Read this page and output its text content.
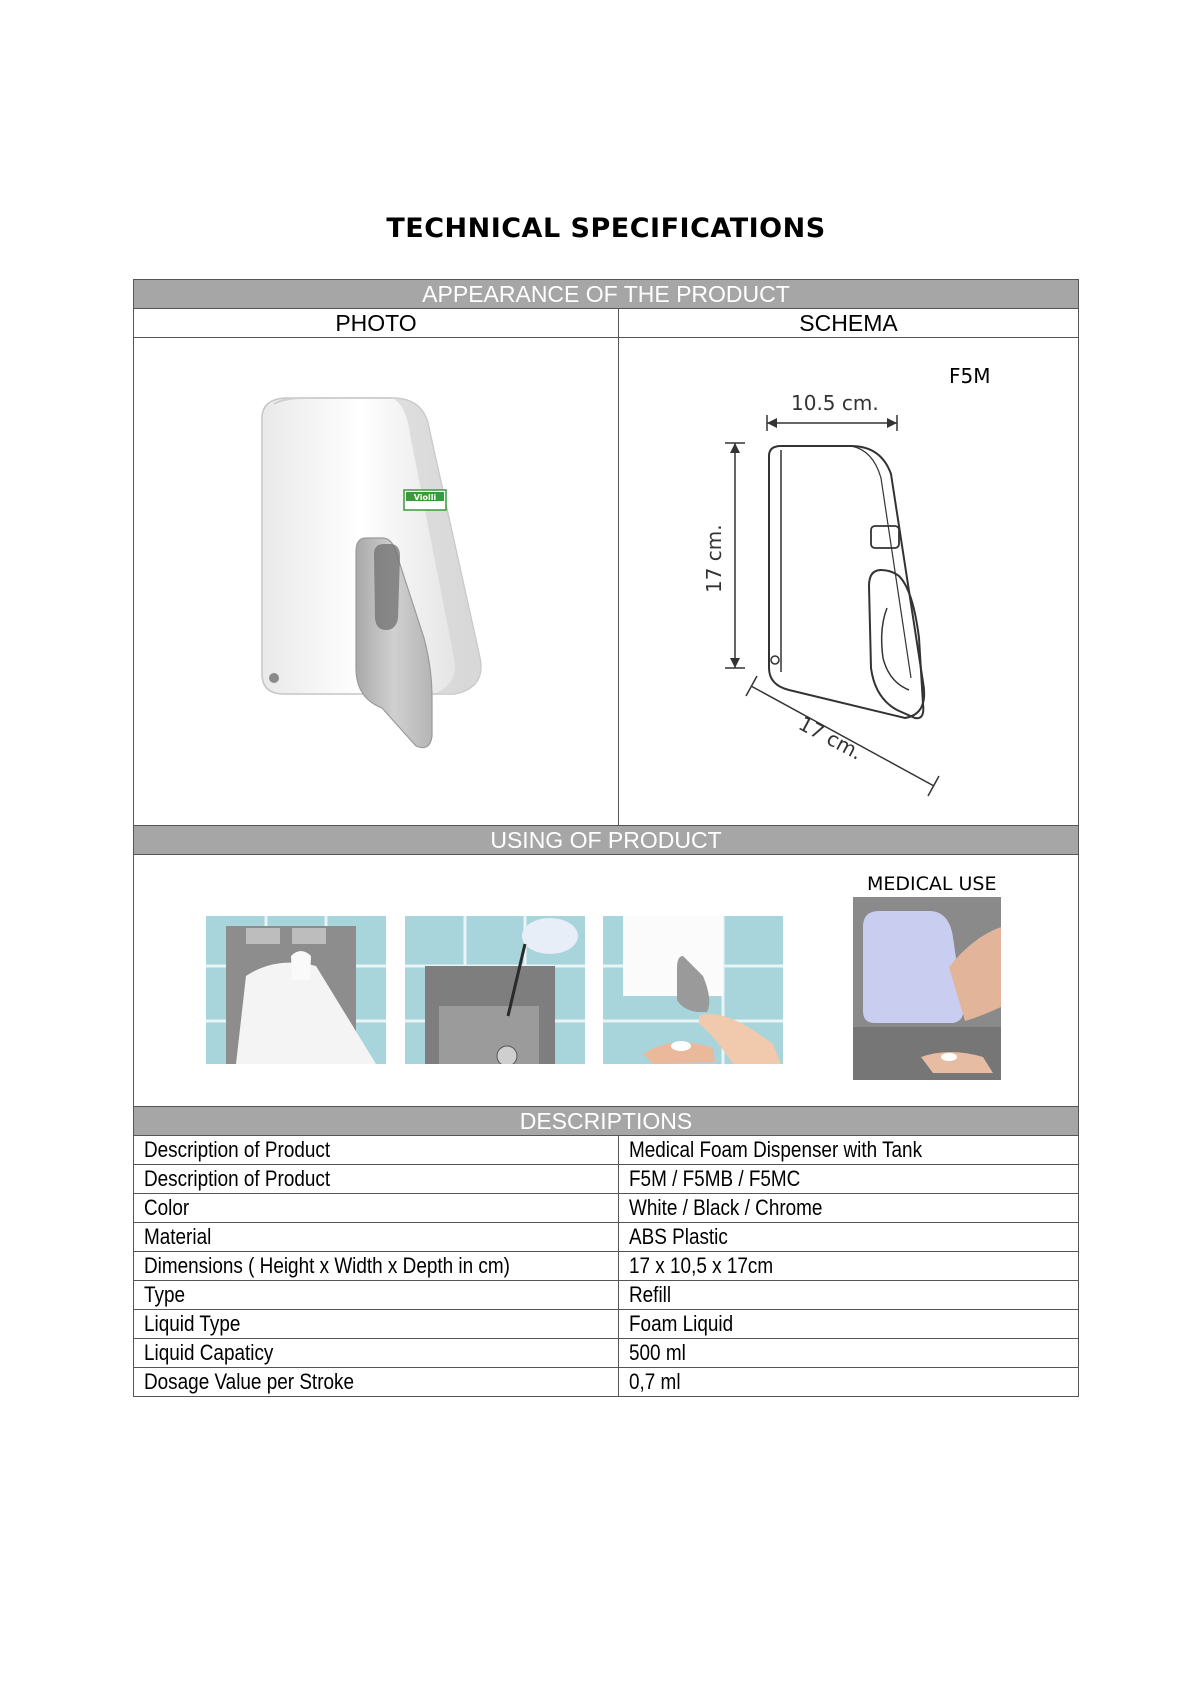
TECHNICAL SPECIFICATIONS
APPEARANCE OF THE PRODUCT
PHOTO	SCHEMA
Violli
F5M
10.5 cm.
17 cm.
17 cm.
USING OF PRODUCT
MEDICAL USE
DESCRIPTIONS
Description of Product	Medical Foam Dispenser with Tank
Description of Product	F5M / F5MB / F5MC
Color	White / Black / Chrome
Material	ABS Plastic
Dimensions ( Height x Width x Depth in cm)	17 x 10,5 x 17cm
Type	Refill
Liquid Type	Foam Liquid
Liquid Capaticy	500 ml
Dosage Value per Stroke	0,7 ml
